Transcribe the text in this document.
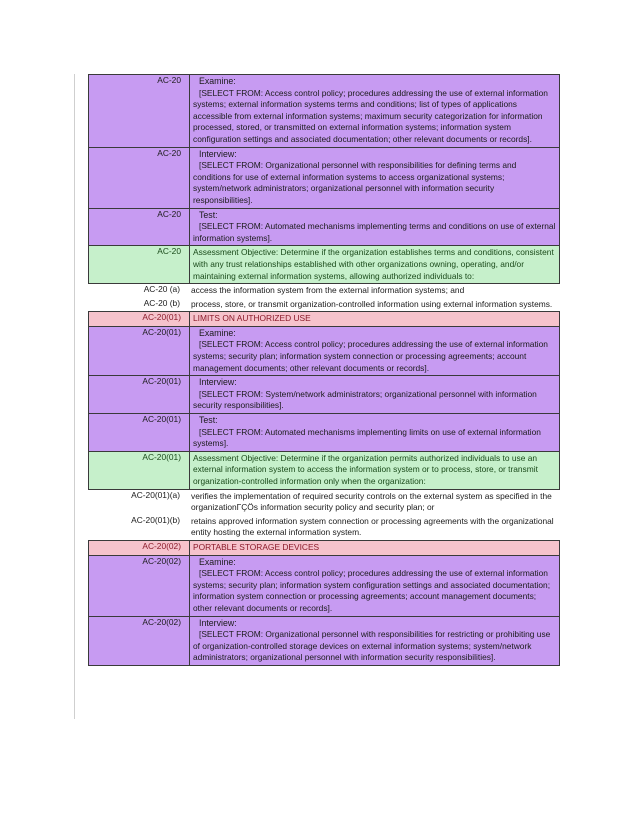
AC-20	Examine:
[SELECT FROM: Access control policy; procedures addressing the use of external information systems; external information systems terms and conditions; list of types of applications accessible from external information systems; maximum security categorization for information processed, stored, or transmitted on external information systems; information system configuration settings and associated documentation; other relevant documents or records].
AC-20	Interview:
[SELECT FROM: Organizational personnel with responsibilities for defining terms and conditions for use of external information systems to access organizational systems; system/network administrators; organizational personnel with information security responsibilities].
AC-20	Test:
[SELECT FROM: Automated mechanisms implementing terms and conditions on use of external information systems].
AC-20	Assessment Objective: Determine if the organization establishes terms and conditions, consistent with any trust relationships established with other organizations owning, operating, and/or maintaining external information systems, allowing authorized individuals to:
AC-20 (a)	access the information system from the external information systems; and
AC-20 (b)	process, store, or transmit organization-controlled information using external information systems.
AC-20(01)	LIMITS ON AUTHORIZED USE
AC-20(01)	Examine:
[SELECT FROM: Access control policy; procedures addressing the use of external information systems; security plan; information system connection or processing agreements; account management documents; other relevant documents or records].
AC-20(01)	Interview:
[SELECT FROM: System/network administrators; organizational personnel with information security responsibilities].
AC-20(01)	Test:
[SELECT FROM: Automated mechanisms implementing limits on use of external information systems].
AC-20(01)	Assessment Objective: Determine if the organization permits authorized individuals to use an external information system to access the information system or to process, store, or transmit organization-controlled information only when the organization:
AC-20(01)(a)	verifies the implementation of required security controls on the external system as specified in the organizationΓÇÖs information security policy and security plan; or
AC-20(01)(b)	retains approved information system connection or processing agreements with the organizational entity hosting the external information system.
AC-20(02)	PORTABLE STORAGE DEVICES
AC-20(02)	Examine:
[SELECT FROM: Access control policy; procedures addressing the use of external information systems; security plan; information system configuration settings and associated documentation; information system connection or processing agreements; account management documents; other relevant documents or records].
AC-20(02)	Interview:
[SELECT FROM: Organizational personnel with responsibilities for restricting or prohibiting use of organization-controlled storage devices on external information systems; system/network administrators; organizational personnel with information security responsibilities].
